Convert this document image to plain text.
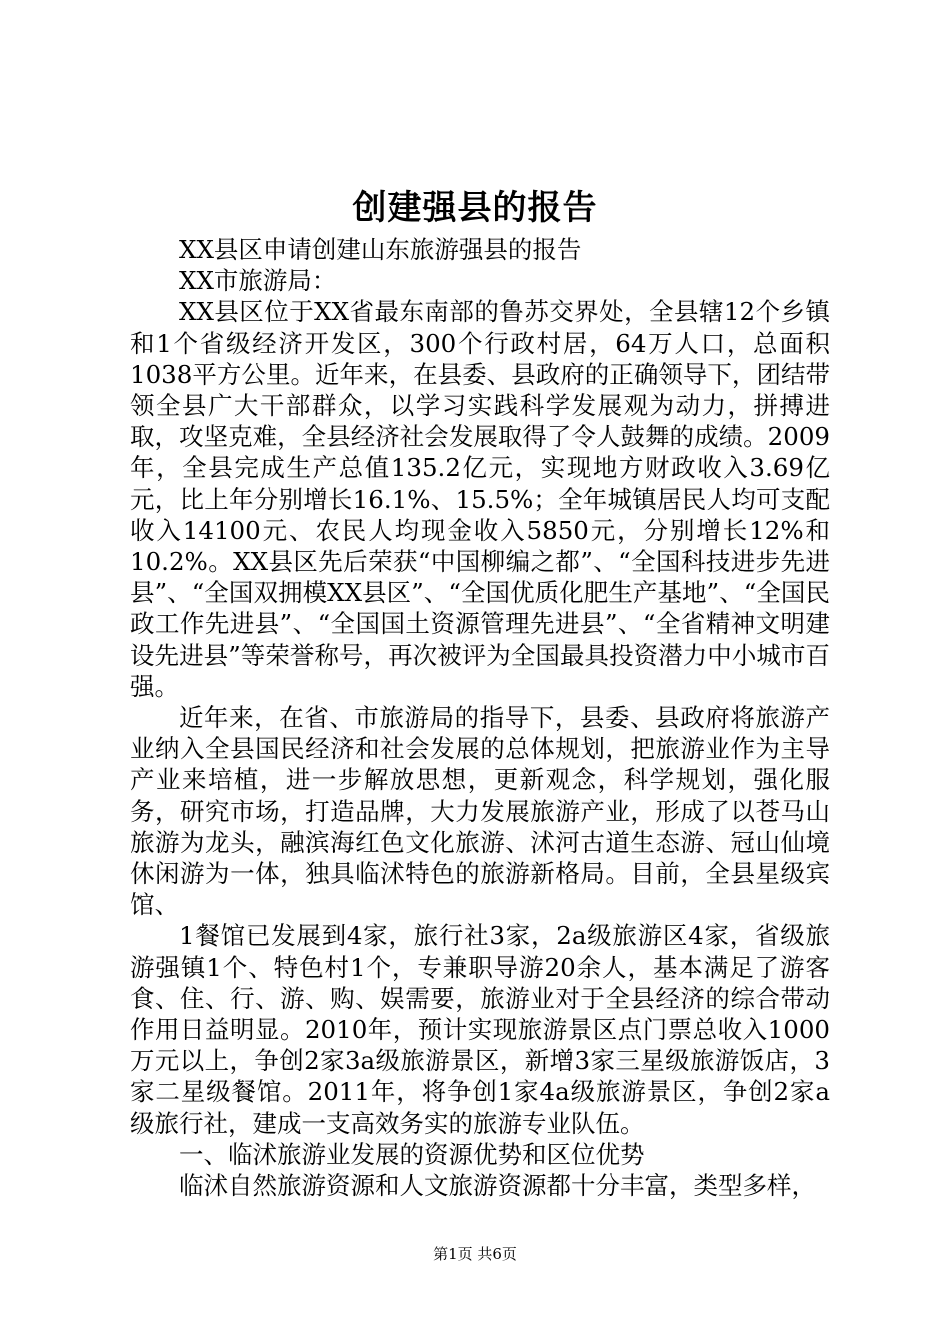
创建强县的报告

XX县区申请创建山东旅游强县的报告

XX市旅游局：

XX县区位于XX省最东南部的鲁苏交界处，全县辖12个乡镇和1个省级经济开发区，300个行政村居，64万人口，总面积1038平方公里。近年来，在县委、县政府的正确领导下，团结带领全县广大干部群众，以学习实践科学发展观为动力，拼搏进取，攻坚克难，全县经济社会发展取得了令人鼓舞的成绩。2009年，全县完成生产总值135.2亿元，实现地方财政收入3.69亿元，比上年分别增长16.1%、15.5%；全年城镇居民人均可支配收入14100元、农民人均现金收入5850元，分别增长12%和10.2%。XX县区先后荣获“中国柳编之都”、“全国科技进步先进县”、“全国双拥模XX县区”、“全国优质化肥生产基地”、“全国民政工作先进县”、“全国国土资源管理先进县”、“全省精神文明建设先进县”等荣誉称号，再次被评为全国最具投资潜力中小城市百强。

近年来，在省、市旅游局的指导下，县委、县政府将旅游产业纳入全县国民经济和社会发展的总体规划，把旅游业作为主导产业来培植，进一步解放思想，更新观念，科学规划，强化服务，研究市场，打造品牌，大力发展旅游产业，形成了以苍马山旅游为龙头，融滨海红色文化旅游、沭河古道生态游、冠山仙境休闲游为一体，独具临沭特色的旅游新格局。目前，全县星级宾馆、

1餐馆已发展到4家，旅行社3家，2a级旅游区4家，省级旅游强镇1个、特色村1个，专兼职导游20余人，基本满足了游客食、住、行、游、购、娱需要，旅游业对于全县经济的综合带动作用日益明显。2010年，预计实现旅游景区点门票总收入1000万元以上，争创2家3a级旅游景区，新增3家三星级旅游饭店，3家二星级餐馆。2011年，将争创1家4a级旅游景区，争创2家a级旅行社，建成一支高效务实的旅游专业队伍。

一、临沭旅游业发展的资源优势和区位优势

临沭自然旅游资源和人文旅游资源都十分丰富，类型多样，

第1页 共6页
